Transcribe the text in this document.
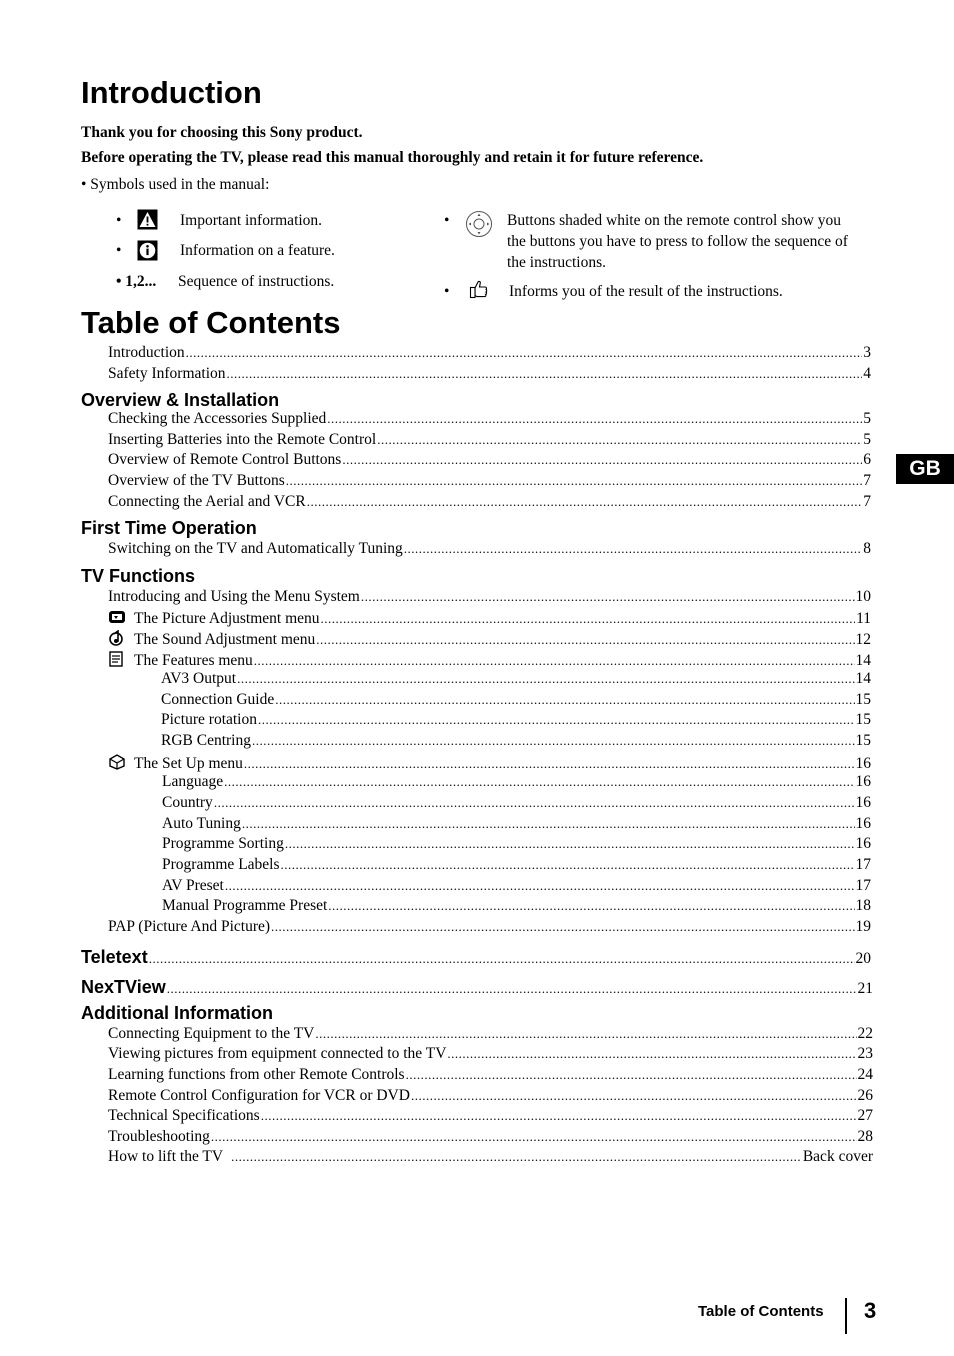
Introduction
Thank you for choosing this Sony product.
Before operating the TV, please read this manual thoroughly and retain it for future reference.
• Symbols used in the manual:
•	Important information.
•	Information on a feature.
• 1,2... Sequence of instructions.
•	Buttons shaded white on the remote control show you
the buttons you have to press to follow the sequence of
the instructions.
•	Informs you of the result of the instructions.
Table of Contents
Introduction .....	3
Safety Information .....	4
Overview & Installation
Checking the Accessories Supplied .....	5
Inserting Batteries into the Remote Control .....	5
Overview of Remote Control Buttons .....	6
Overview of the TV Buttons .....	7
Connecting the Aerial and VCR .....	7
First Time Operation
Switching on the TV and Automatically Tuning .....	8
TV Functions
Introducing and Using the Menu System .....	10
The Picture Adjustment menu .....	11
The Sound Adjustment menu .....	12
The Features menu .....	14
AV3 Output .....	14
Connection Guide .....	15
Picture rotation .....	15
RGB Centring .....	15
The Set Up menu .....	16
Language .....	16
Country .....	16
Auto Tuning .....	16
Programme Sorting .....	16
Programme Labels .....	17
AV Preset .....	17
Manual Programme Preset .....	18
PAP (Picture And Picture) .....	19
Teletext .....	20
NexTView .....	21
Additional Information
Connecting Equipment to the TV .....	22
Viewing pictures from equipment connected to the TV .....	23
Learning functions from other Remote Controls .....	24
Remote Control Configuration for VCR or DVD .....	26
Technical Specifications .....	27
Troubleshooting .....	28
How to lift the TV .....	Back cover
GB
Table of Contents 3
